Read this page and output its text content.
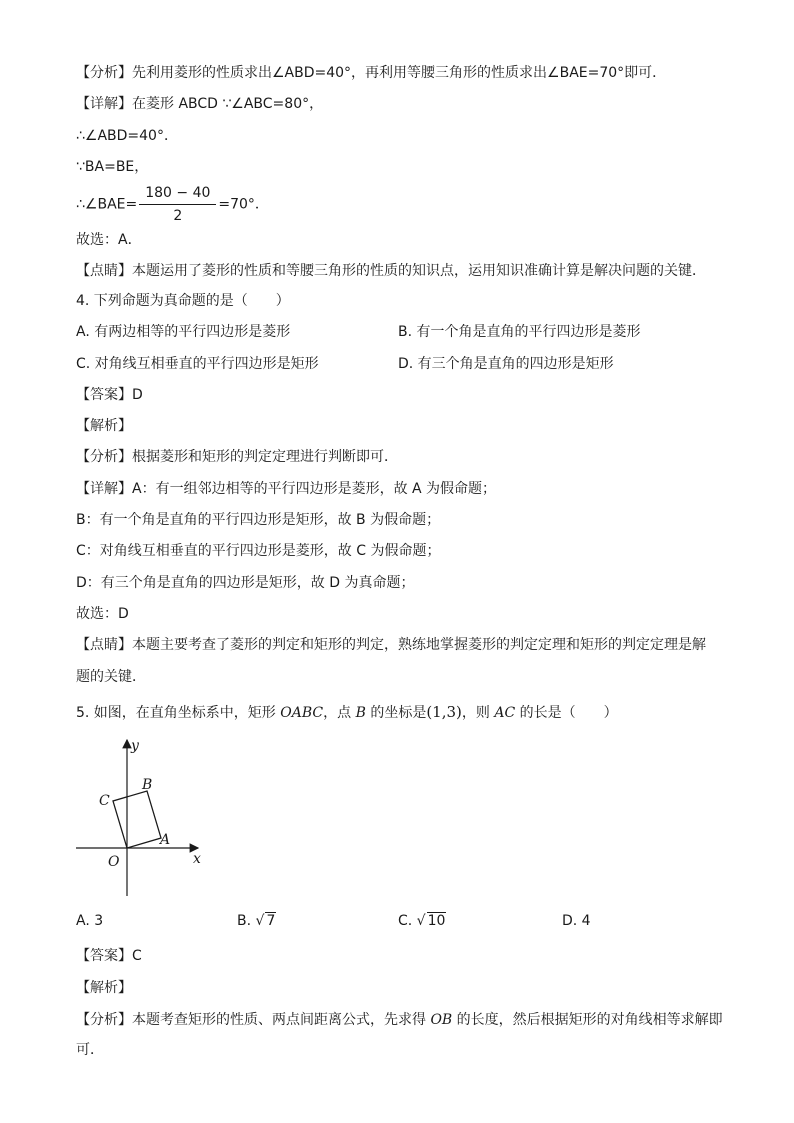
【分析】先利用菱形的性质求出∠ABD=40°，再利用等腰三角形的性质求出∠BAE=70°即可．
【详解】在菱形 ABCD ∵∠ABC=80°，
∴∠ABD=40°．
∵BA=BE，
∴∠BAE= $\frac{180 - 40}{2} =70^\circ$．
故选：A．
【点睛】本题运用了菱形的性质和等腰三角形的性质的知识点，运用知识准确计算是解决问题的关键．
4. 下列命题为真命题的是（　　）
A. 有两边相等的平行四边形是菱形	B. 有一个角是直角的平行四边形是菱形
C. 对角线互相垂直的平行四边形是矩形	D. 有三个角是直角的四边形是矩形
【答案】D
【解析】
【分析】根据菱形和矩形的判定定理进行判断即可．
【详解】A：有一组邻边相等的平行四边形是菱形，故 A 为假命题；
B：有一个角是直角的平行四边形是矩形，故 B 为假命题；
C：对角线互相垂直的平行四边形是菱形，故 C 为假命题；
D：有三个角是直角的四边形是矩形，故 D 为真命题；
故选：D
【点睛】本题主要考查了菱形的判定和矩形的判定，熟练地掌握菱形的判定定理和矩形的判定定理是解
题的关键．
5. 如图，在直角坐标系中，矩形 OABC，点 B 的坐标是(1,3)，则 AC 的长是（　　）
y
x
O
A
B
C
A. 3	B. √ 7	C. √ 10	D. 4
【答案】C
【解析】
【分析】本题考查矩形的性质、两点间距离公式，先求得 OB 的长度，然后根据矩形的对角线相等求解即
可．
